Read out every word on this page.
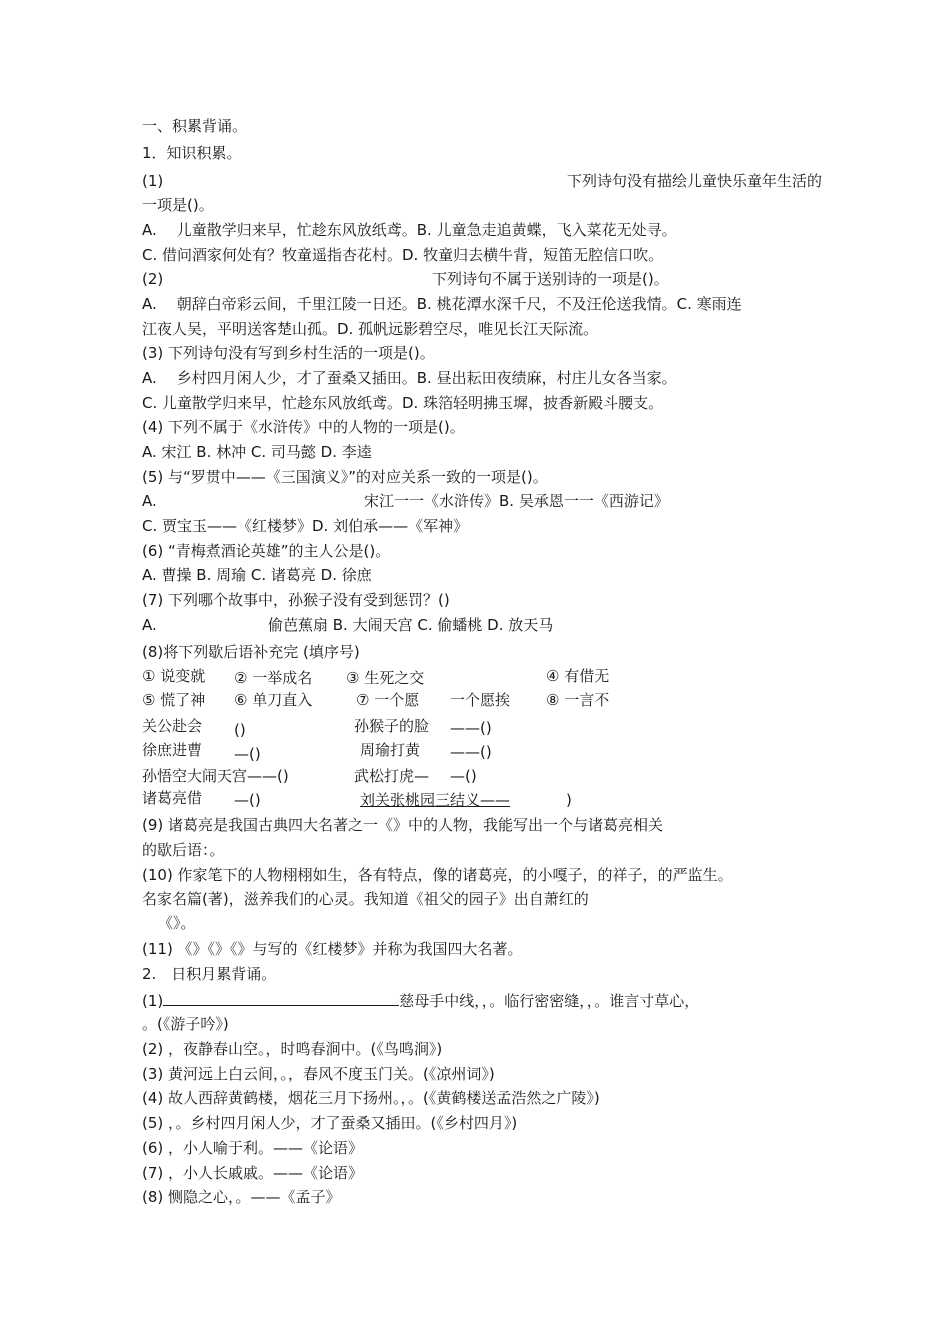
一、积累背诵。
1．知识积累。
(1)	下列诗句没有描绘儿童快乐童年生活的
一项是()。
A. 儿童散学归来早，忙趁东风放纸鸢。B. 儿童急走追黄蝶，飞入菜花无处寻。
C. 借问酒家何处有？牧童遥指杏花村。D. 牧童归去横牛背，短笛无腔信口吹。
(2)	下列诗句不属于送别诗的一项是()。
A. 朝辞白帝彩云间，千里江陵一日还。B. 桃花潭水深千尺，不及汪伦送我情。C. 寒雨连
江夜人吴，平明送客楚山孤。D. 孤帆远影碧空尽，唯见长江天际流。
(3) 下列诗句没有写到乡村生活的一项是()。
A. 乡村四月闲人少，才了蚕桑又插田。B. 昼出耘田夜绩麻，村庄儿女各当家。
C. 儿童散学归来早，忙趁东风放纸鸢。D. 珠箔轻明拂玉墀，披香新殿斗腰支。
(4) 下列不属于《水浒传》中的人物的一项是()。
A. 宋江 B. 林冲 C. 司马懿 D. 李逵
(5) 与“罗贯中——《三国演义》”的对应关系一致的一项是()。
A.	宋江一一《水浒传》B. 吴承恩一一《西游记》
C. 贾宝玉——《红楼梦》D. 刘伯承——《军神》
(6) “青梅煮酒论英雄”的主人公是()。
A. 曹操 B. 周瑜 C. 诸葛亮 D. 徐庶
(7) 下列哪个故事中，孙猴子没有受到惩罚？()
A.	偷芭蕉扇 B. 大闹天宫 C. 偷蟠桃 D. 放天马
(8)将下列歇后语补充完 (填序号)
① 说变就 ② 一举成名 ③ 生死之交	④ 有借无
⑤ 慌了神 ⑥ 单刀直入	⑦ 一个愿 一个愿挨 ⑧ 一言不
关公赴会 ()	孙猴子的脸 ——()
徐庶进曹 —()	周瑜打黄 ——()
孙悟空大闹天宫——()	武松打虎— —()
诸葛亮借 —()	刘关张桃园三结义——	)
(9) 诸葛亮是我国古典四大名著之一《》中的人物，我能写出一个与诸葛亮相关
的歇后语：。
(10) 作家笔下的人物栩栩如生，各有特点，像的诸葛亮，的小嘎子，的祥子，的严监生。
名家名篇(著)，滋养我们的心灵。我知道《祖父的园子》出自萧红的
《》。
(11) 《》《》《》与写的《红楼梦》并称为我国四大名著。
2.　日积月累背诵。
(1)	慈母手中线，，。临行密密缝，，。谁言寸草心，
。(《游子吟》)
(2) ，夜静春山空。，时鸣春涧中。(《鸟鸣涧》)
(3) 黄河远上白云间，。，春风不度玉门关。(《凉州词》)
(4) 故人西辞黄鹤楼，烟花三月下扬州。，。(《黄鹤楼送孟浩然之广陵》)
(5) ，。乡村四月闲人少，才了蚕桑又插田。(《乡村四月》)
(6) ，小人喻于利。——《论语》
(7) ，小人长戚戚。——《论语》
(8) 恻隐之心，。——《孟子》
